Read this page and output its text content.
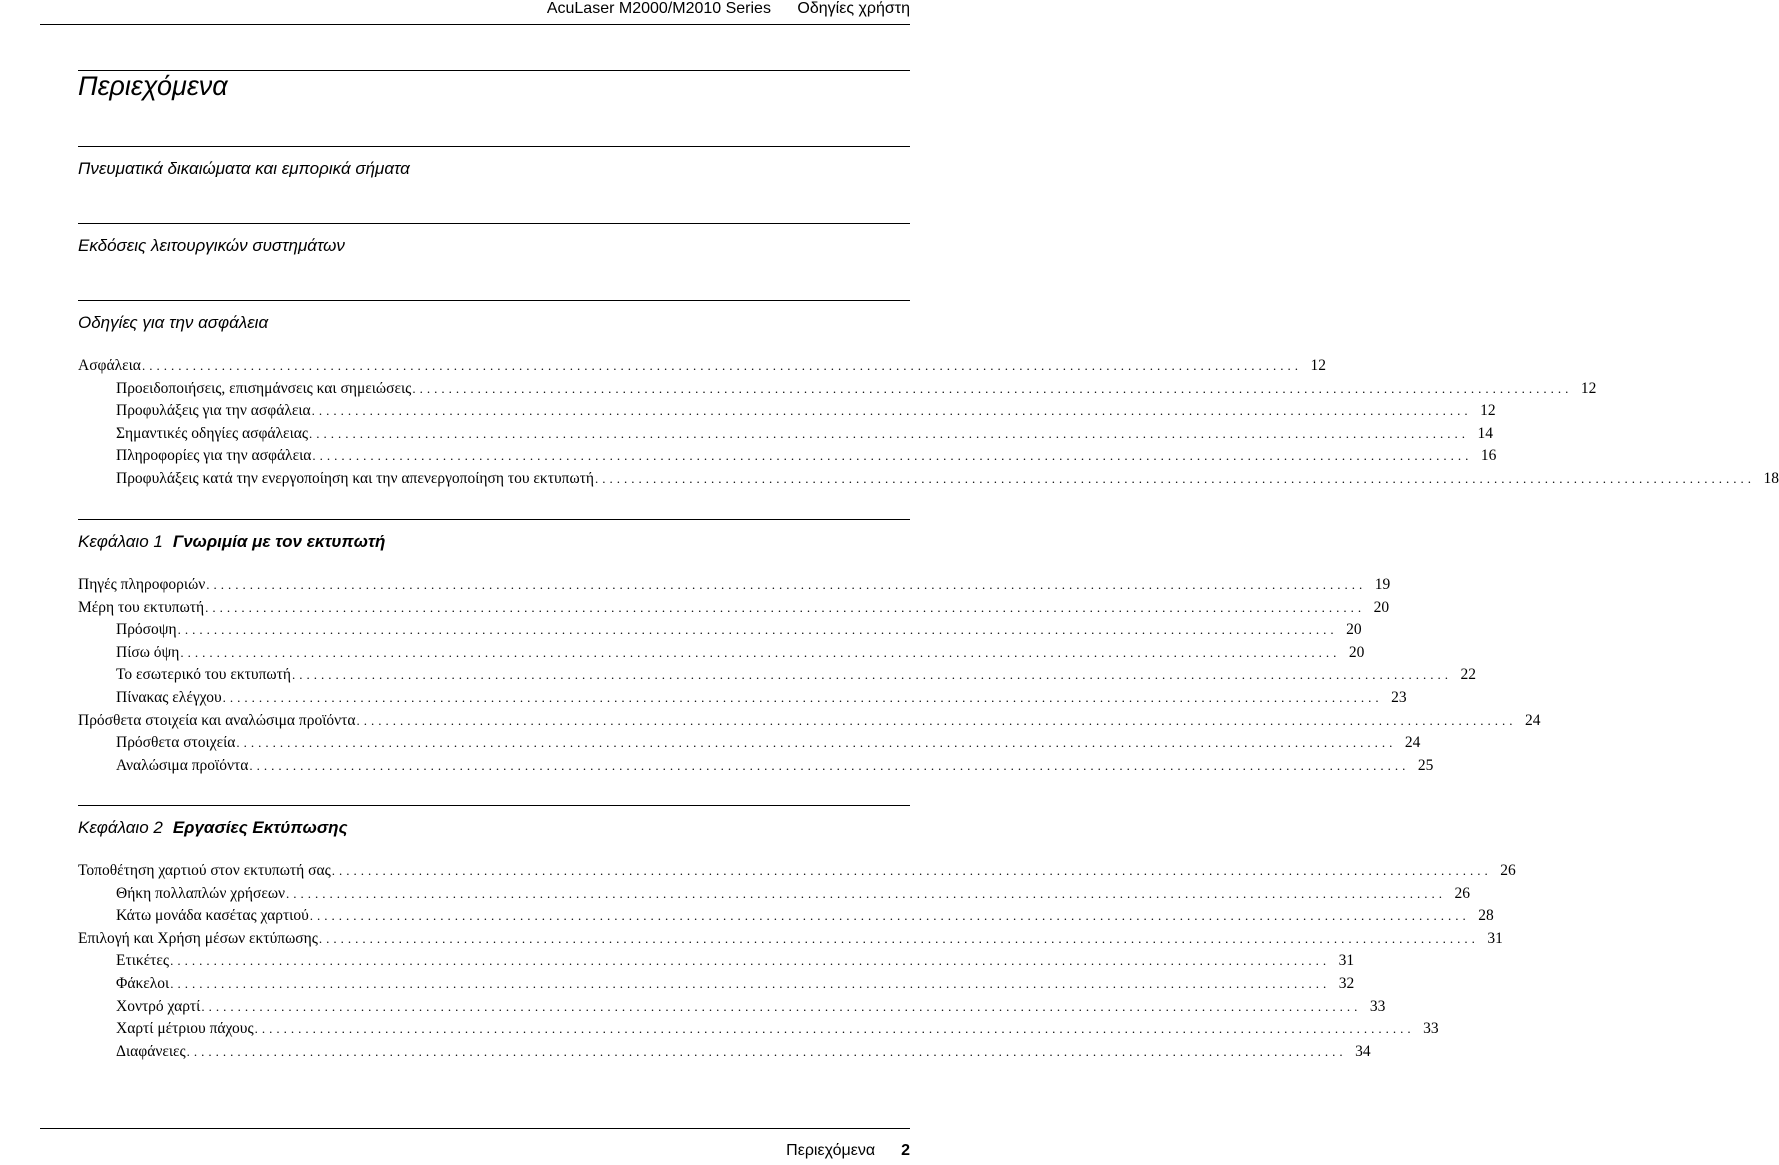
AcuLaser M2000/M2010 Series Οδηγίες χρήστη
Περιεχόμενα
Πνευματικά δικαιώματα και εμπορικά σήματα
Εκδόσεις λειτουργικών συστημάτων
Οδηγίες για την ασφάλεια
Ασφάλεια ................................................................................................................................................................ 12
Προειδοποιήσεις, επισημάνσεις και σημειώσεις ................................................................................................................................................................ 12
Προφυλάξεις για την ασφάλεια ................................................................................................................................................................ 12
Σημαντικές οδηγίες ασφάλειας ................................................................................................................................................................ 14
Πληροφορίες για την ασφάλεια ................................................................................................................................................................ 16
Προφυλάξεις κατά την ενεργοποίηση και την απενεργοποίηση του εκτυπωτή ................................................................................................................................................................ 18
Κεφάλαιο 1 Γνωριμία με τον εκτυπωτή
Πηγές πληροφοριών ................................................................................................................................................................ 19
Μέρη του εκτυπωτή ................................................................................................................................................................ 20
Πρόσοψη ................................................................................................................................................................ 20
Πίσω όψη ................................................................................................................................................................ 20
Το εσωτερικό του εκτυπωτή ................................................................................................................................................................ 22
Πίνακας ελέγχου ................................................................................................................................................................ 23
Πρόσθετα στοιχεία και αναλώσιμα προϊόντα ................................................................................................................................................................ 24
Πρόσθετα στοιχεία ................................................................................................................................................................ 24
Αναλώσιμα προϊόντα ................................................................................................................................................................ 25
Κεφάλαιο 2 Εργασίες Εκτύπωσης
Τοποθέτηση χαρτιού στον εκτυπωτή σας ................................................................................................................................................................ 26
Θήκη πολλαπλών χρήσεων ................................................................................................................................................................ 26
Κάτω μονάδα κασέτας χαρτιού ................................................................................................................................................................ 28
Επιλογή και Χρήση μέσων εκτύπωσης ................................................................................................................................................................ 31
Ετικέτες ................................................................................................................................................................ 31
Φάκελοι ................................................................................................................................................................ 32
Χοντρό χαρτί ................................................................................................................................................................ 33
Χαρτί μέτριου πάχους ................................................................................................................................................................ 33
Διαφάνειες ................................................................................................................................................................ 34
Περιεχόμενα 2
